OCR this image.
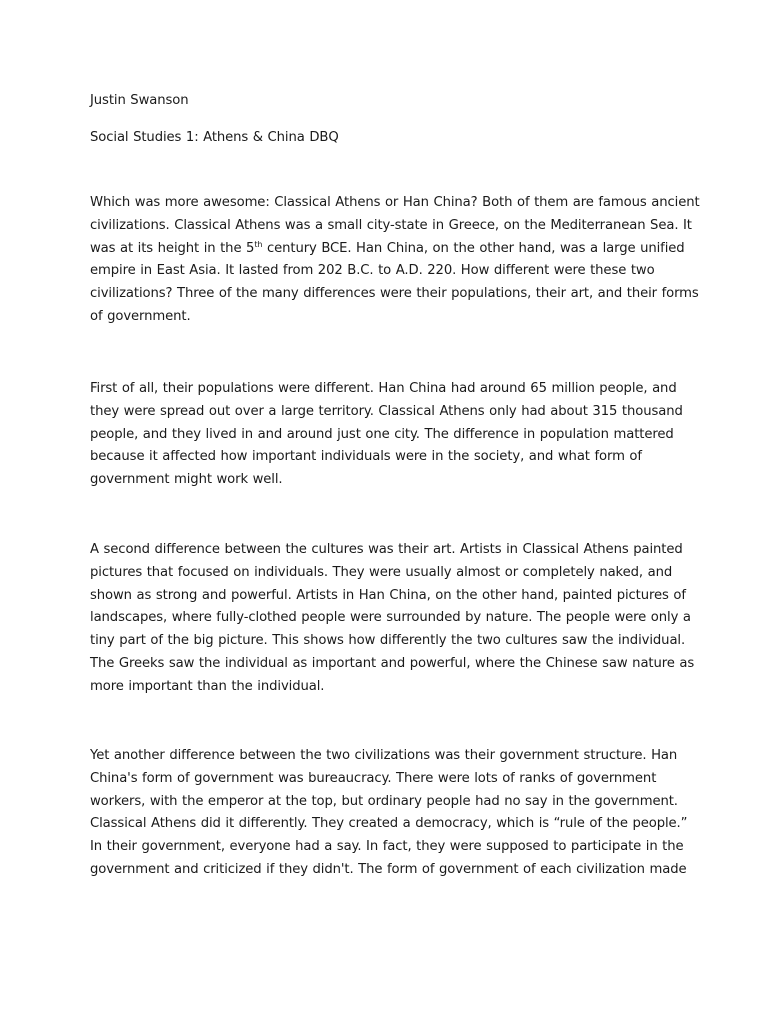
Justin Swanson
Social Studies 1: Athens & China DBQ
Which was more awesome: Classical Athens or Han China? Both of them are famous ancient
civilizations. Classical Athens was a small city-state in Greece, on the Mediterranean Sea. It
was at its height in the 5th century BCE. Han China, on the other hand, was a large unified
empire in East Asia. It lasted from 202 B.C. to A.D. 220. How different were these two
civilizations? Three of the many differences were their populations, their art, and their forms
of government.
First of all, their populations were different. Han China had around 65 million people, and
they were spread out over a large territory. Classical Athens only had about 315 thousand
people, and they lived in and around just one city. The difference in population mattered
because it affected how important individuals were in the society, and what form of
government might work well.
A second difference between the cultures was their art. Artists in Classical Athens painted
pictures that focused on individuals. They were usually almost or completely naked, and
shown as strong and powerful. Artists in Han China, on the other hand, painted pictures of
landscapes, where fully-clothed people were surrounded by nature. The people were only a
tiny part of the big picture. This shows how differently the two cultures saw the individual.
The Greeks saw the individual as important and powerful, where the Chinese saw nature as
more important than the individual.
Yet another difference between the two civilizations was their government structure. Han
China's form of government was bureaucracy. There were lots of ranks of government
workers, with the emperor at the top, but ordinary people had no say in the government.
Classical Athens did it differently. They created a democracy, which is “rule of the people.”
In their government, everyone had a say. In fact, they were supposed to participate in the
government and criticized if they didn't. The form of government of each civilization made
